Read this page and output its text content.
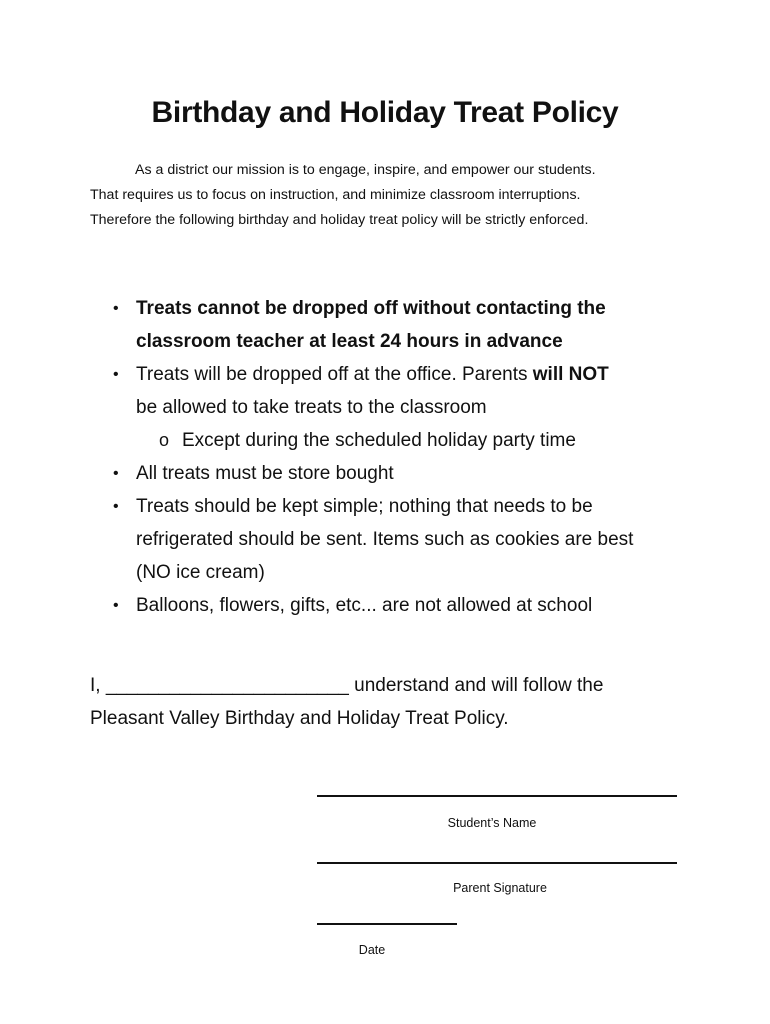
Birthday and Holiday Treat Policy

As a district our mission is to engage, inspire, and empower our students.
That requires us to focus on instruction, and minimize classroom interruptions.
Therefore the following birthday and holiday treat policy will be strictly enforced.

• Treats cannot be dropped off without contacting the
classroom teacher at least 24 hours in advance
• Treats will be dropped off at the office. Parents will NOT
be allowed to take treats to the classroom
o Except during the scheduled holiday party time
• All treats must be store bought
• Treats should be kept simple; nothing that needs to be
refrigerated should be sent. Items such as cookies are best
(NO ice cream)
• Balloons, flowers, gifts, etc... are not allowed at school

I, _______________________ understand and will follow the
Pleasant Valley Birthday and Holiday Treat Policy.

Student’s Name
Parent Signature
Date
